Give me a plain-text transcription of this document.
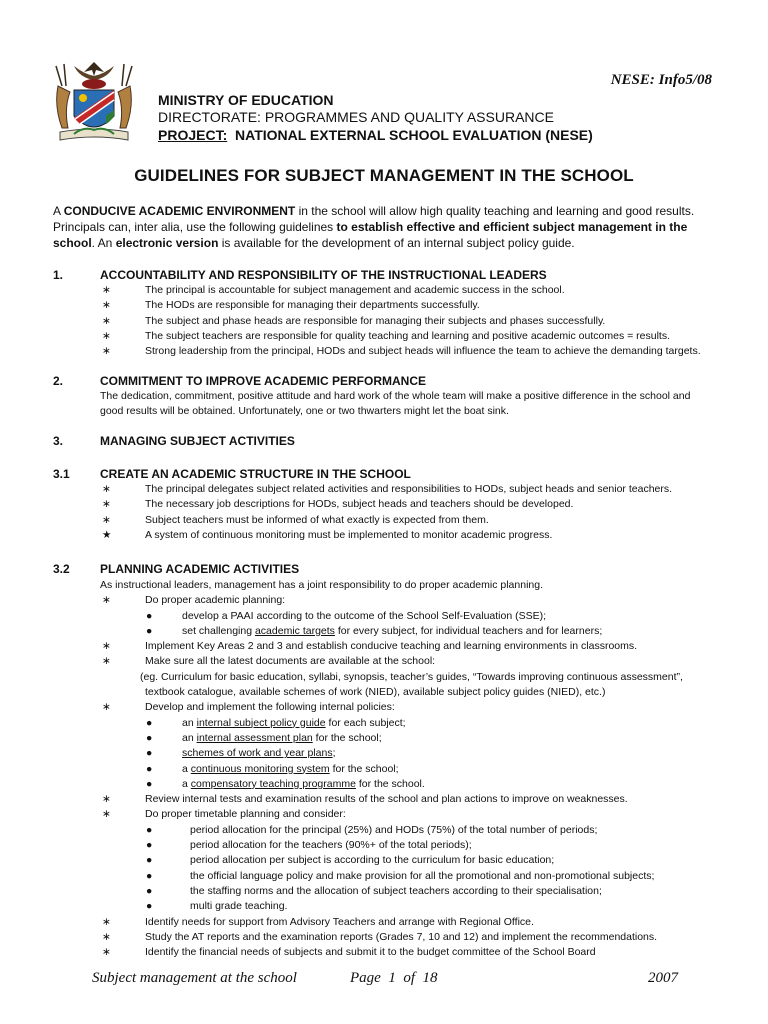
NESE: Info5/08
MINISTRY OF EDUCATION
DIRECTORATE: PROGRAMMES AND QUALITY ASSURANCE
PROJECT:  NATIONAL EXTERNAL SCHOOL EVALUATION (NESE)
GUIDELINES FOR SUBJECT MANAGEMENT IN THE SCHOOL
A CONDUCIVE ACADEMIC ENVIRONMENT in the school will allow high quality teaching and learning and good results. Principals can, inter alia, use the following guidelines to establish effective and efficient subject management in the school. An electronic version is available for the development of an internal subject policy guide.
1.	ACCOUNTABILITY AND RESPONSIBILITY OF THE INSTRUCTIONAL LEADERS
∗	The principal is accountable for subject management and academic success in the school.
∗	The HODs are responsible for managing their departments successfully.
∗	The subject and phase heads are responsible for managing their subjects and phases successfully.
∗	The subject teachers are responsible for quality teaching and learning and positive academic outcomes = results.
∗	Strong leadership from the principal, HODs and subject heads will influence the team to achieve the demanding targets.
2.	COMMITMENT TO IMPROVE ACADEMIC PERFORMANCE
The dedication, commitment, positive attitude and hard work of the whole team will make a positive difference in the school and good results will be obtained. Unfortunately, one or two thwarters might let the boat sink.
3.	MANAGING SUBJECT ACTIVITIES
3.1	CREATE AN ACADEMIC STRUCTURE IN THE SCHOOL
∗	The principal delegates subject related activities and responsibilities to HODs, subject heads and senior teachers.
∗	The necessary job descriptions for HODs, subject heads and teachers should be developed.
∗	Subject teachers must be informed of what exactly is expected from them.
★	A system of continuous monitoring must be implemented to monitor academic progress.
3.2	PLANNING ACADEMIC ACTIVITIES
As instructional leaders, management has a joint responsibility to do proper academic planning.
∗	Do proper academic planning:
●	develop a PAAI according to the outcome of the School Self-Evaluation (SSE);
●	set challenging academic targets for every subject, for individual teachers and for learners;
∗	Implement Key Areas 2 and 3 and establish conducive teaching and learning environments in classrooms.
∗	Make sure all the latest documents are available at the school:
(eg. Curriculum for basic education, syllabi, synopsis, teacher’s guides, “Towards improving continuous assessment”,
textbook catalogue, available schemes of work (NIED), available subject policy guides (NIED), etc.)
∗	Develop and implement the following internal policies:
●	an internal subject policy guide for each subject;
●	an internal assessment plan for the school;
●	schemes of work and year plans;
●	a continuous monitoring system for the school;
●	a compensatory teaching programme for the school.
∗	Review internal tests and examination results of the school and plan actions to improve on weaknesses.
∗	Do proper timetable planning and consider:
●	period allocation for the principal (25%) and HODs (75%) of the total number of periods;
●	period allocation for the teachers (90%+ of the total periods);
●	period allocation per subject is according to the curriculum for basic education;
●	the official language policy and make provision for all the promotional and non-promotional subjects;
●	the staffing norms and the allocation of subject teachers according to their specialisation;
●	multi grade teaching.
∗	Identify needs for support from Advisory Teachers and arrange with Regional Office.
∗	Study the AT reports and the examination reports (Grades 7, 10 and 12) and implement the recommendations.
∗	Identify the financial needs of subjects and submit it to the budget committee of the School Board
Subject management at the school	Page  1  of  18	2007
